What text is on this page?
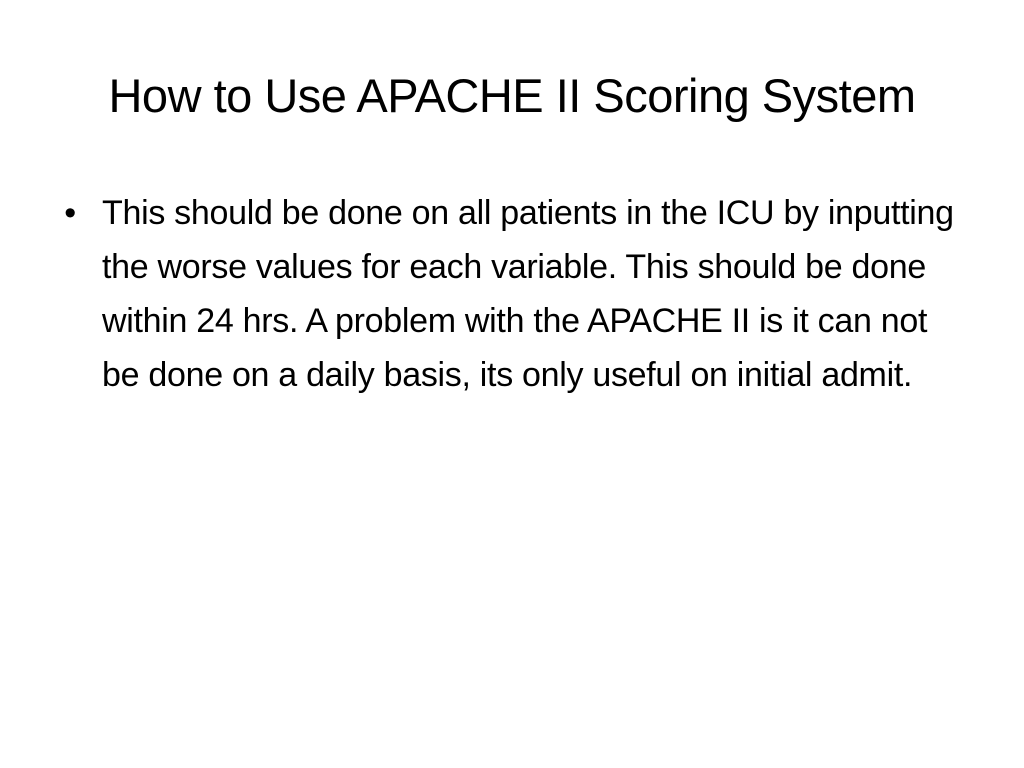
How to Use APACHE II Scoring System
• This should be done on all patients in the ICU by inputting the worse values for each variable. This should be done within 24 hrs. A problem with the APACHE II is it can not be done on a daily basis, its only useful on initial admit.
